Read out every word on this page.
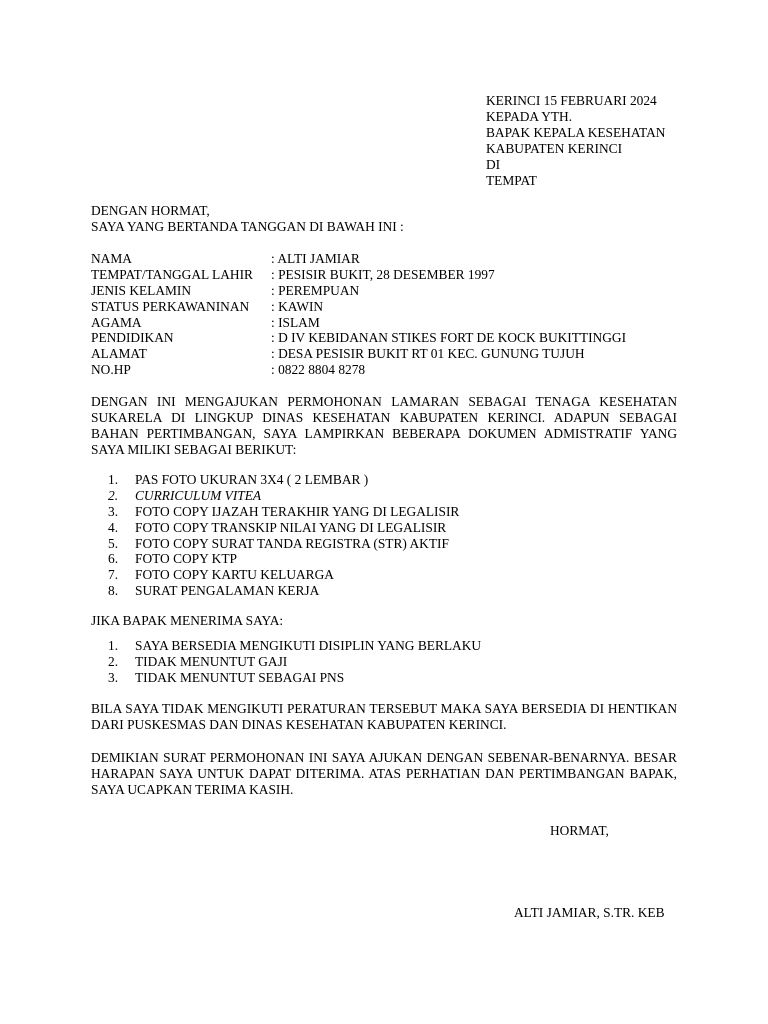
KERINCI 15 FEBRUARI 2024
KEPADA YTH.
BAPAK KEPALA KESEHATAN
KABUPATEN KERINCI
DI
TEMPAT
DENGAN HORMAT,
SAYA YANG BERTANDA TANGGAN DI BAWAH INI :
NAMA	: ALTI JAMIAR
TEMPAT/TANGGAL LAHIR	: PESISIR BUKIT, 28 DESEMBER 1997
JENIS KELAMIN	: PEREMPUAN
STATUS PERKAWANINAN	: KAWIN
AGAMA	: ISLAM
PENDIDIKAN	: D IV KEBIDANAN STIKES FORT DE KOCK BUKITTINGGI
ALAMAT	: DESA PESISIR BUKIT RT 01 KEC. GUNUNG TUJUH
NO.HP	: 0822 8804 8278
DENGAN INI MENGAJUKAN PERMOHONAN LAMARAN SEBAGAI TENAGA KESEHATAN SUKARELA DI LINGKUP DINAS KESEHATAN KABUPATEN KERINCI. ADAPUN SEBAGAI BAHAN PERTIMBANGAN, SAYA LAMPIRKAN BEBERAPA DOKUMEN ADMISTRATIF YANG SAYA MILIKI SEBAGAI BERIKUT:
1.	PAS FOTO UKURAN 3X4 ( 2 LEMBAR )
2.	CURRICULUM VITEA
3.	FOTO COPY IJAZAH TERAKHIR YANG DI LEGALISIR
4.	FOTO COPY TRANSKIP NILAI YANG DI LEGALISIR
5.	FOTO COPY SURAT TANDA REGISTRA (STR) AKTIF
6.	FOTO COPY KTP
7.	FOTO COPY KARTU KELUARGA
8.	SURAT PENGALAMAN KERJA
JIKA BAPAK MENERIMA SAYA:
1.	SAYA BERSEDIA MENGIKUTI DISIPLIN YANG BERLAKU
2.	TIDAK MENUNTUT GAJI
3.	TIDAK MENUNTUT SEBAGAI PNS
BILA SAYA TIDAK MENGIKUTI PERATURAN TERSEBUT MAKA SAYA BERSEDIA DI HENTIKAN DARI PUSKESMAS DAN DINAS KESEHATAN KABUPATEN KERINCI.
DEMIKIAN SURAT PERMOHONAN INI SAYA AJUKAN DENGAN SEBENAR-BENARNYA. BESAR HARAPAN SAYA UNTUK DAPAT DITERIMA. ATAS PERHATIAN DAN PERTIMBANGAN BAPAK, SAYA UCAPKAN TERIMA KASIH.
HORMAT,
ALTI JAMIAR, S.TR. KEB
